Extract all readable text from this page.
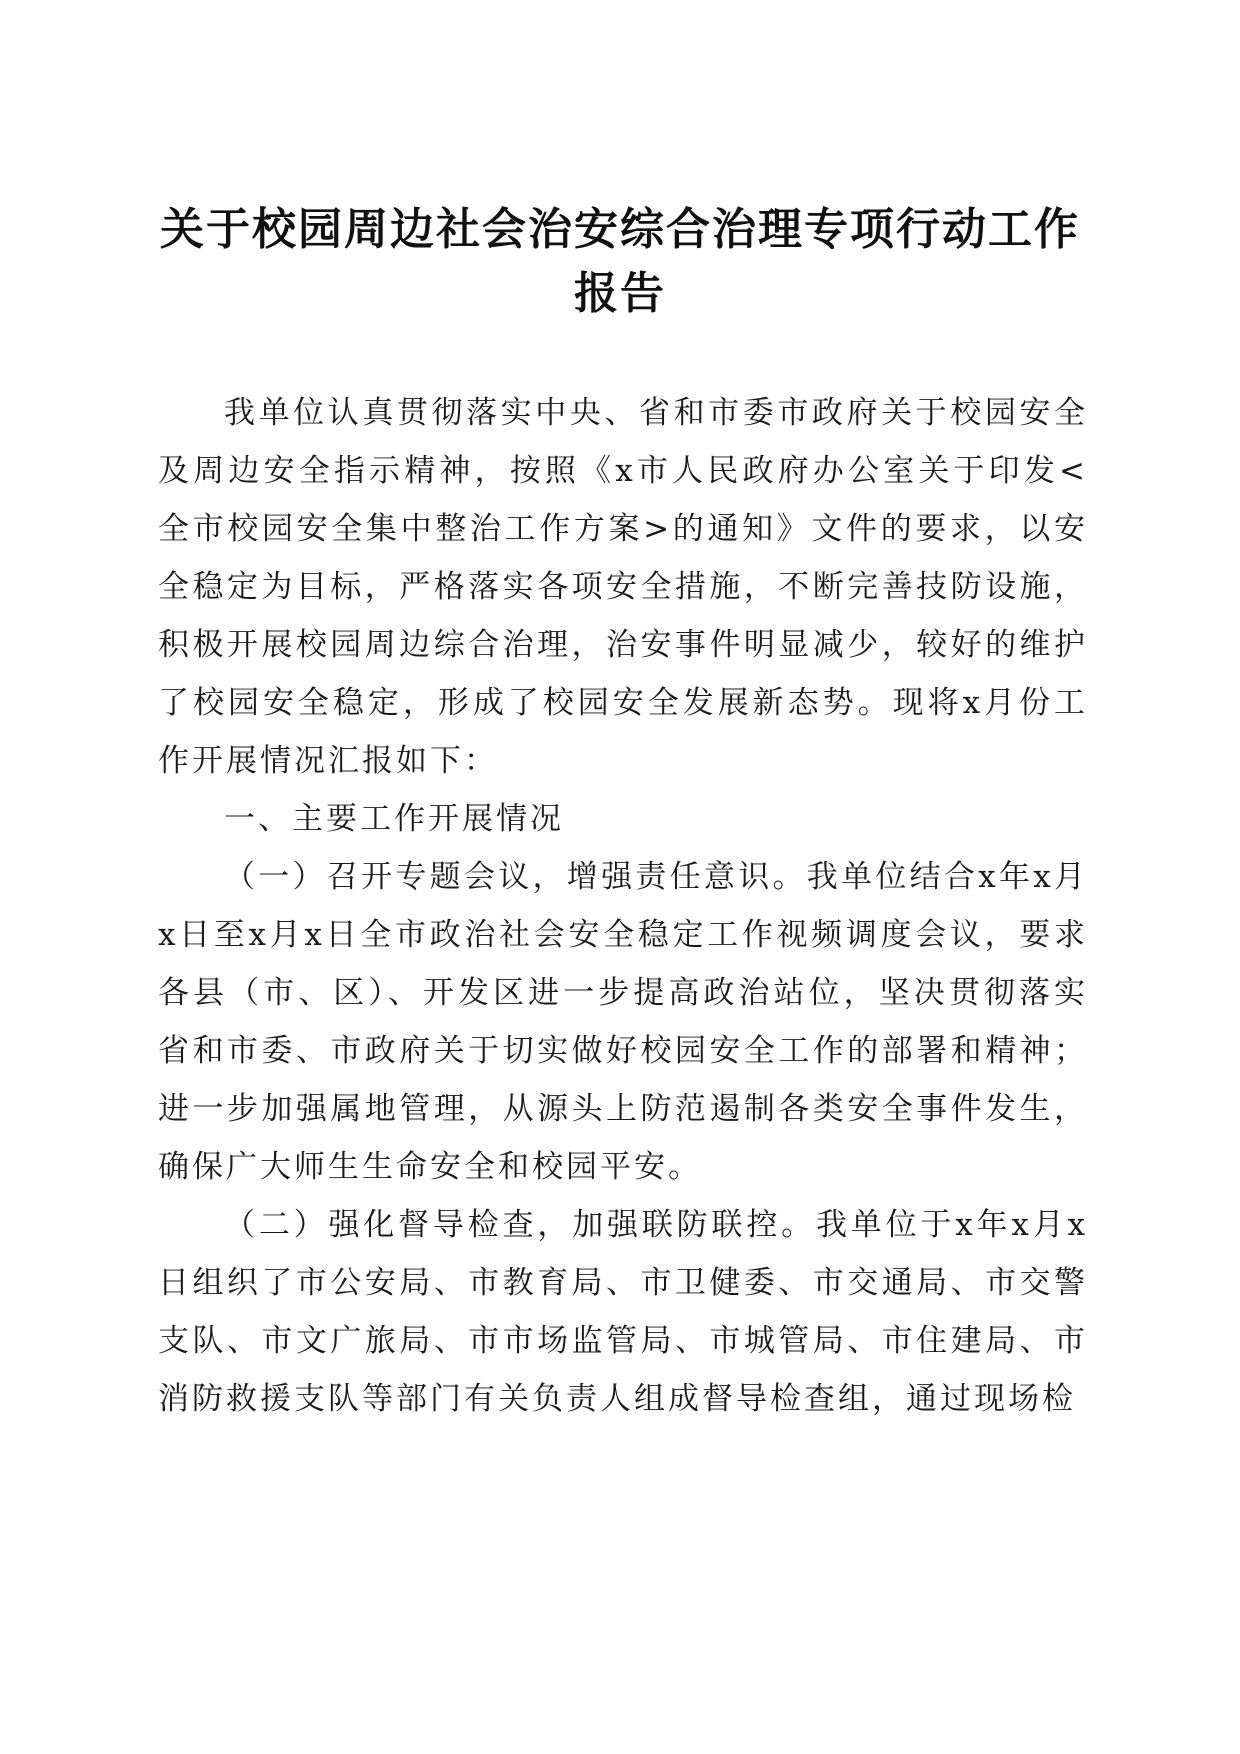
关于校园周边社会治安综合治理专项行动工作
报告

我单位认真贯彻落实中央、省和市委市政府关于校园安全及周边安全指示精神，按照《x市人民政府办公室关于印发<全市校园安全集中整治工作方案>的通知》文件的要求，以安全稳定为目标，严格落实各项安全措施，不断完善技防设施，积极开展校园周边综合治理，治安事件明显减少，较好的维护了校园安全稳定，形成了校园安全发展新态势。现将x月份工作开展情况汇报如下：

一、主要工作开展情况

（一）召开专题会议，增强责任意识。我单位结合x年x月x日至x月x日全市政治社会安全稳定工作视频调度会议，要求各县（市、区）、开发区进一步提高政治站位，坚决贯彻落实省和市委、市政府关于切实做好校园安全工作的部署和精神；进一步加强属地管理，从源头上防范遏制各类安全事件发生，确保广大师生生命安全和校园平安。

（二）强化督导检查，加强联防联控。我单位于x年x月x日组织了市公安局、市教育局、市卫健委、市交通局、市交警支队、市文广旅局、市市场监管局、市城管局、市住建局、市消防救援支队等部门有关负责人组成督导检查组，通过现场检
